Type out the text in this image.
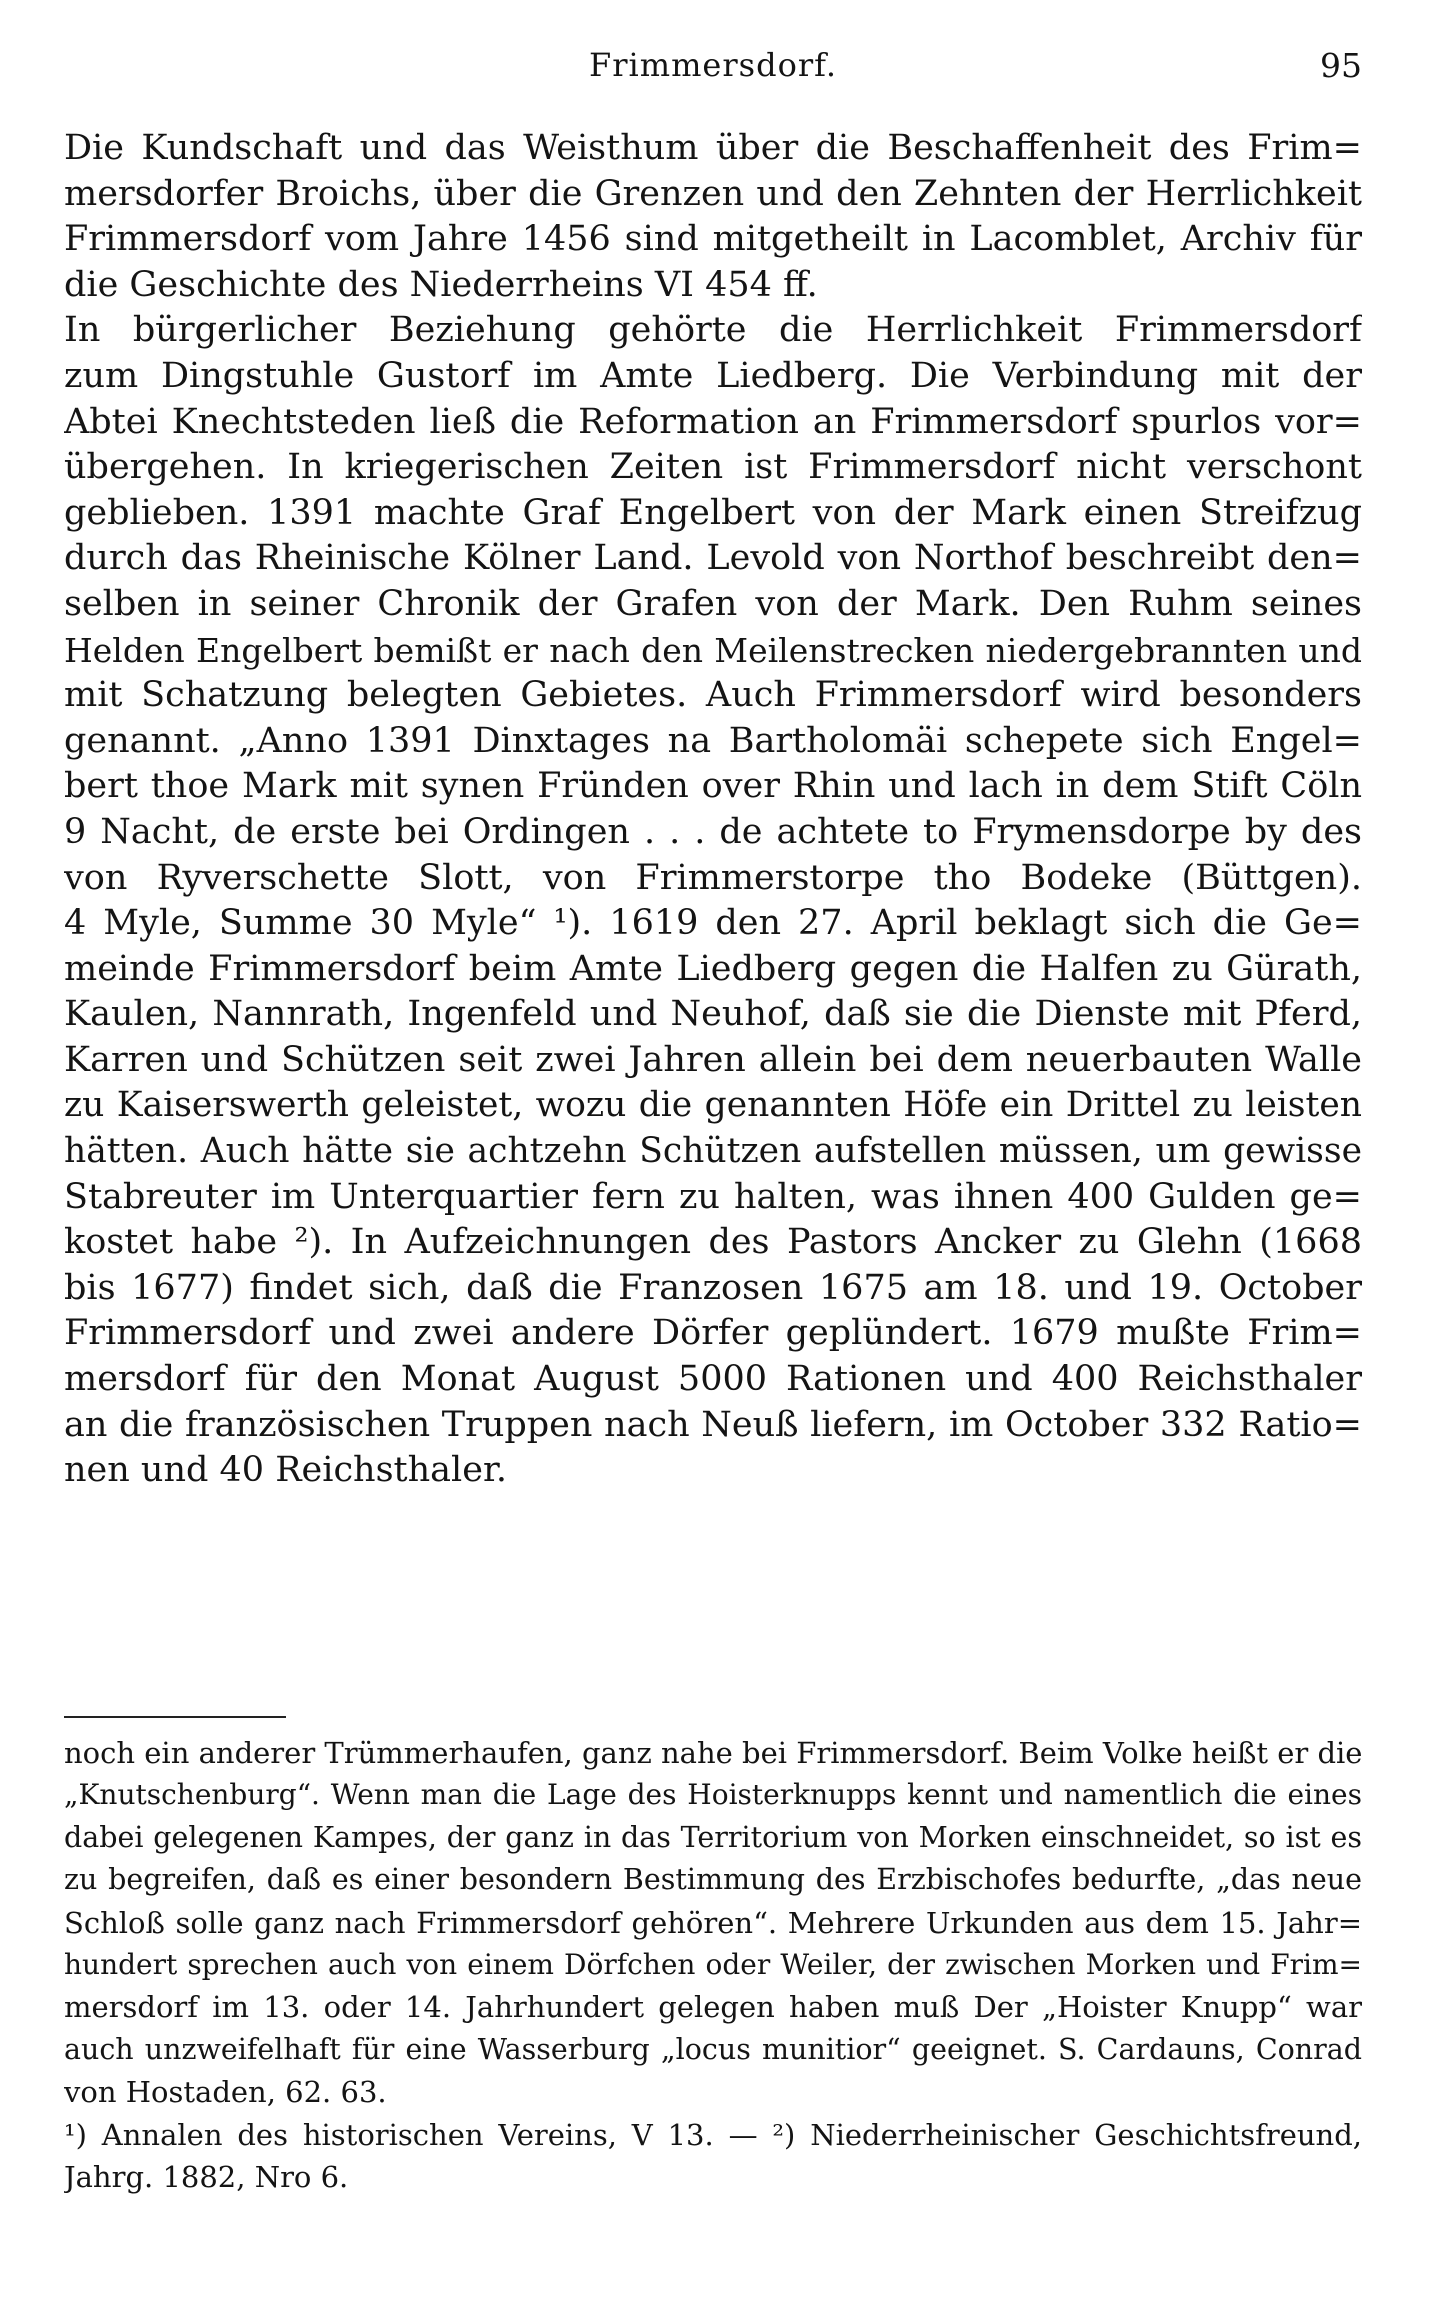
Frimmersdorf.	95
Die Kundschaft und das Weisthum über die Beschaffenheit des Frim=
mersdorfer Broichs, über die Grenzen und den Zehnten der Herrlichkeit
Frimmersdorf vom Jahre 1456 sind mitgetheilt in Lacomblet, Archiv für
die Geschichte des Niederrheins VI 454 ff.
In bürgerlicher Beziehung gehörte die Herrlichkeit Frimmersdorf
zum Dingstuhle Gustorf im Amte Liedberg. Die Verbindung mit der
Abtei Knechtsteden ließ die Reformation an Frimmersdorf spurlos vor=
übergehen. In kriegerischen Zeiten ist Frimmersdorf nicht verschont
geblieben. 1391 machte Graf Engelbert von der Mark einen Streifzug
durch das Rheinische Kölner Land. Levold von Northof beschreibt den=
selben in seiner Chronik der Grafen von der Mark. Den Ruhm seines
Helden Engelbert bemißt er nach den Meilenstrecken niedergebrannten und
mit Schatzung belegten Gebietes. Auch Frimmersdorf wird besonders
genannt. „Anno 1391 Dinxtages na Bartholomäi schepete sich Engel=
bert thoe Mark mit synen Fründen over Rhin und lach in dem Stift Cöln
9 Nacht, de erste bei Ordingen . . . de achtete to Frymensdorpe by des
von Ryverschette Slott, von Frimmerstorpe tho Bodeke (Büttgen).
4 Myle, Summe 30 Myle“ ¹). 1619 den 27. April beklagt sich die Ge=
meinde Frimmersdorf beim Amte Liedberg gegen die Halfen zu Gürath,
Kaulen, Nannrath, Ingenfeld und Neuhof, daß sie die Dienste mit Pferd,
Karren und Schützen seit zwei Jahren allein bei dem neuerbauten Walle
zu Kaiserswerth geleistet, wozu die genannten Höfe ein Drittel zu leisten
hätten. Auch hätte sie achtzehn Schützen aufstellen müssen, um gewisse
Stabreuter im Unterquartier fern zu halten, was ihnen 400 Gulden ge=
kostet habe ²). In Aufzeichnungen des Pastors Ancker zu Glehn (1668
bis 1677) findet sich, daß die Franzosen 1675 am 18. und 19. October
Frimmersdorf und zwei andere Dörfer geplündert. 1679 mußte Frim=
mersdorf für den Monat August 5000 Rationen und 400 Reichsthaler
an die französischen Truppen nach Neuß liefern, im October 332 Ratio=
nen und 40 Reichsthaler.
noch ein anderer Trümmerhaufen, ganz nahe bei Frimmersdorf. Beim Volke heißt er die
„Knutschenburg“. Wenn man die Lage des Hoisterknupps kennt und namentlich die eines
dabei gelegenen Kampes, der ganz in das Territorium von Morken einschneidet, so ist es
zu begreifen, daß es einer besondern Bestimmung des Erzbischofes bedurfte, „das neue
Schloß solle ganz nach Frimmersdorf gehören“. Mehrere Urkunden aus dem 15. Jahr=
hundert sprechen auch von einem Dörfchen oder Weiler, der zwischen Morken und Frim=
mersdorf im 13. oder 14. Jahrhundert gelegen haben muß Der „Hoister Knupp“ war
auch unzweifelhaft für eine Wasserburg „locus munitior“ geeignet. S. Cardauns, Conrad
von Hostaden, 62. 63.
¹) Annalen des historischen Vereins, V 13. — ²) Niederrheinischer Geschichtsfreund,
Jahrg. 1882, Nro 6.
